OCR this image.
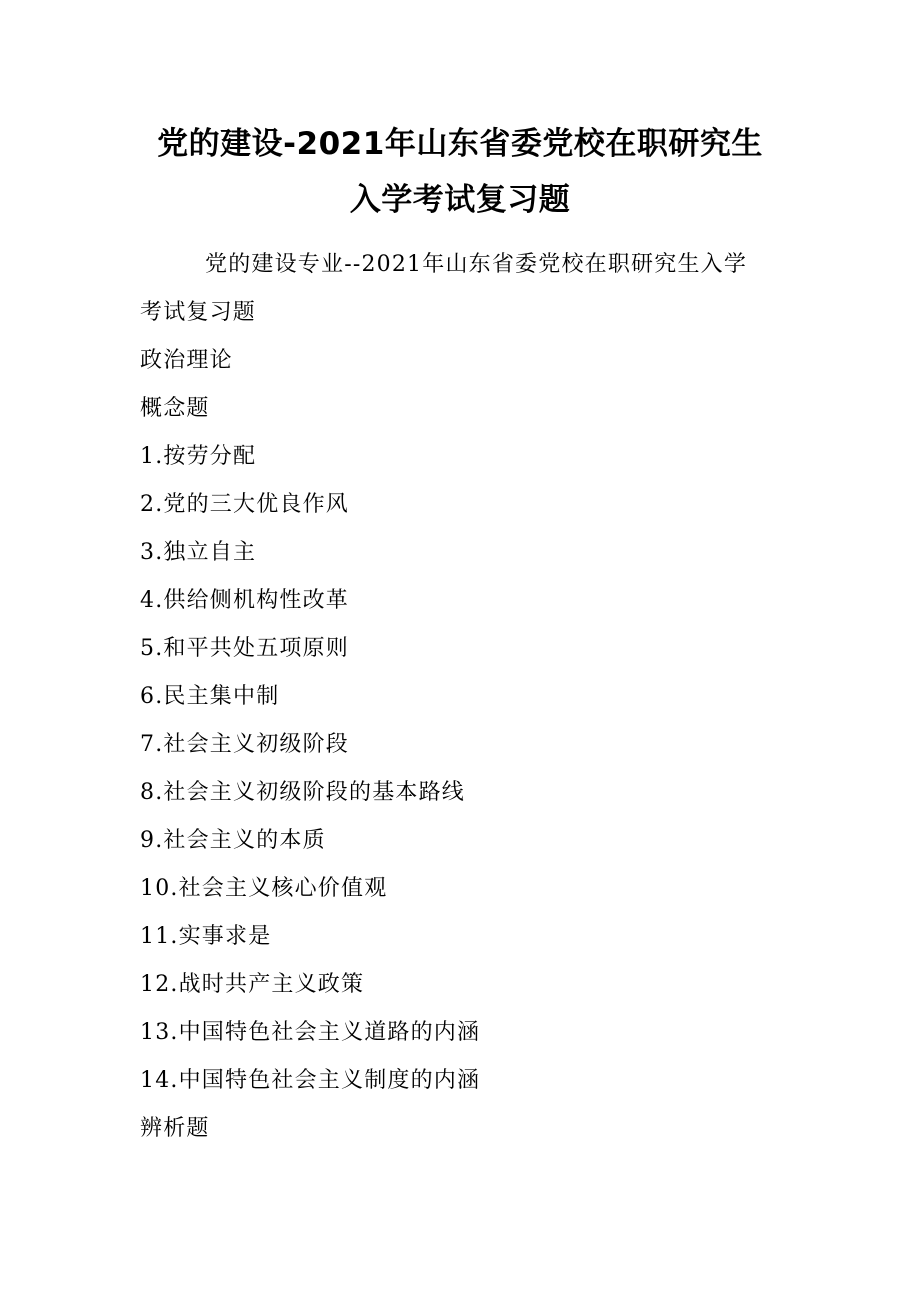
党的建设-2021年山东省委党校在职研究生
入学考试复习题

党的建设专业--2021年山东省委党校在职研究生入学

考试复习题

政治理论
概念题
1.按劳分配
2.党的三大优良作风
3.独立自主
4.供给侧机构性改革
5.和平共处五项原则
6.民主集中制
7.社会主义初级阶段
8.社会主义初级阶段的基本路线
9.社会主义的本质
10.社会主义核心价值观
11.实事求是
12.战时共产主义政策
13.中国特色社会主义道路的内涵
14.中国特色社会主义制度的内涵
辨析题
